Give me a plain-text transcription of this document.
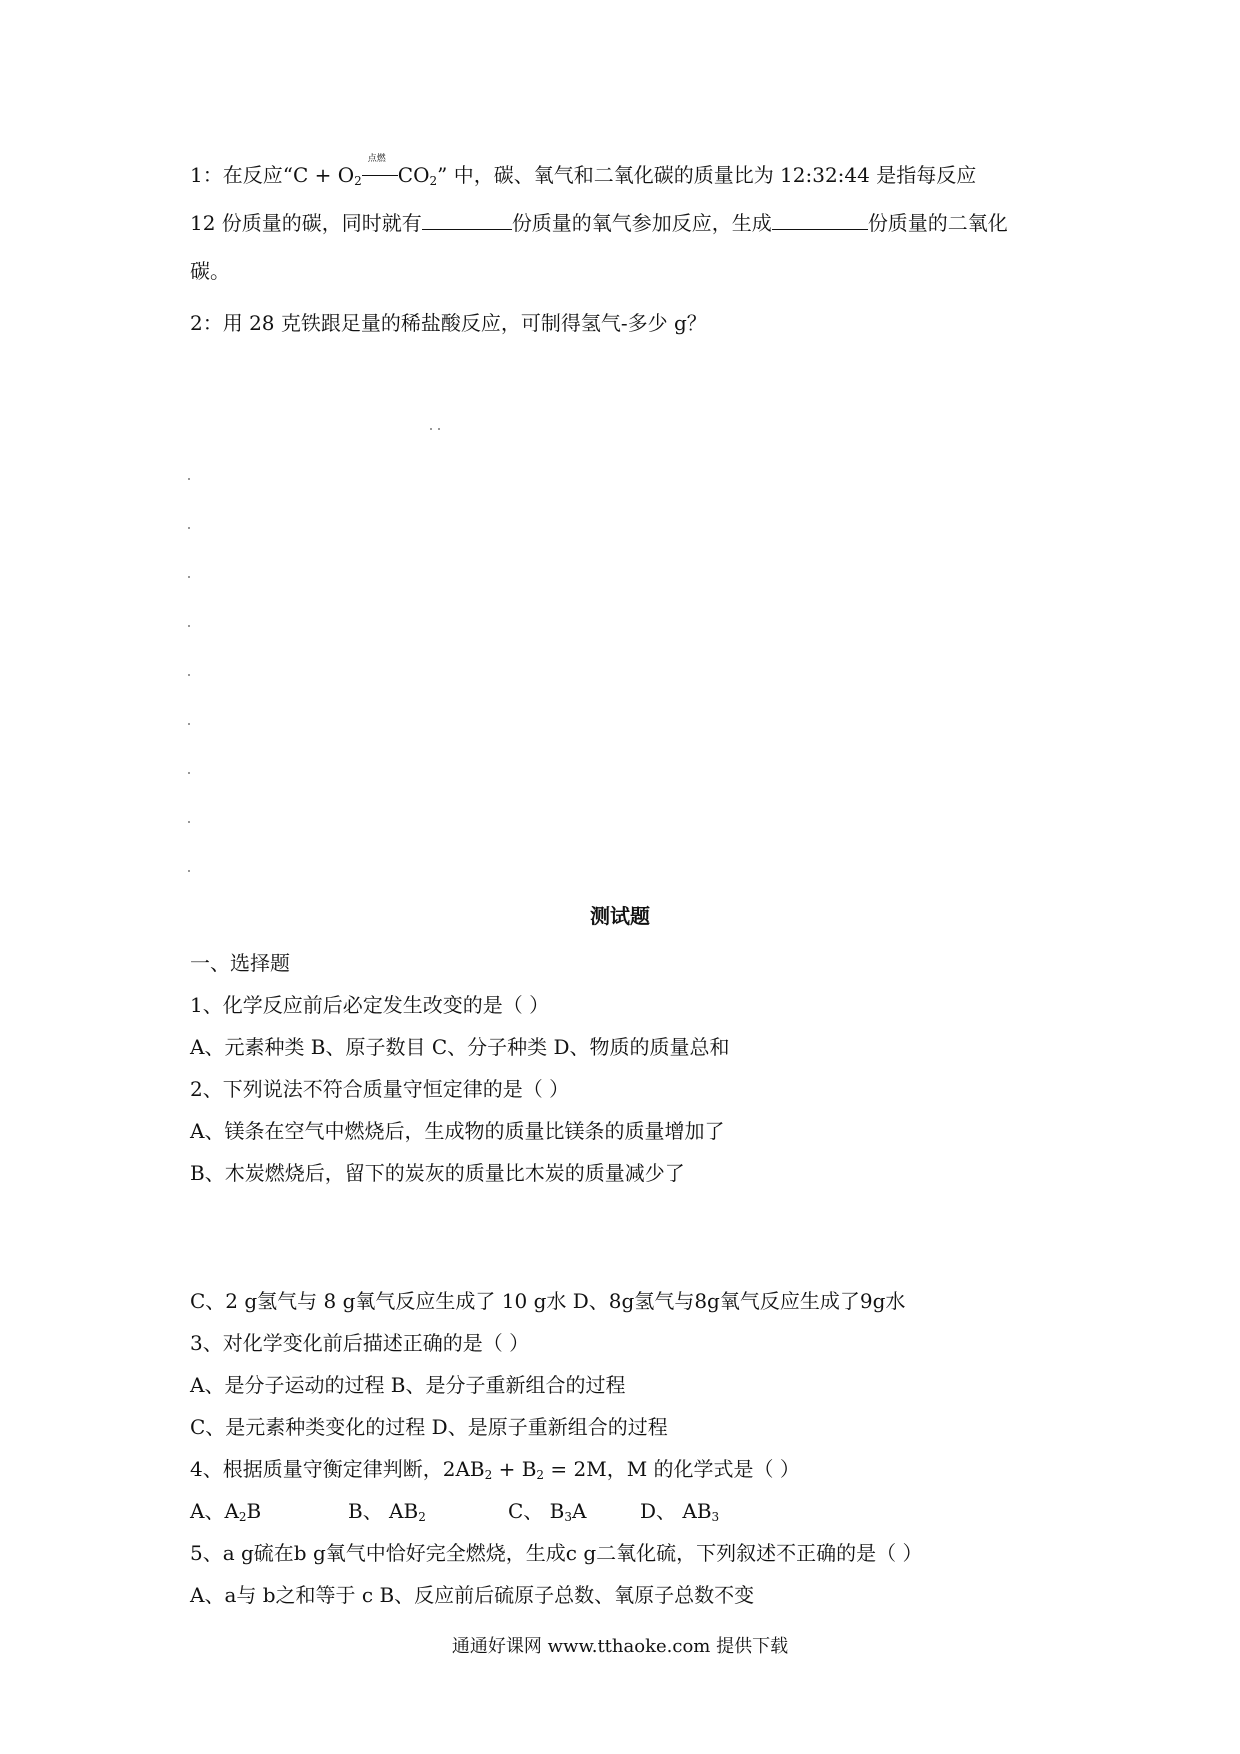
1：在反应“$C + O_2$
点燃
$CO_2$” 中，碳、氧气和二氧化碳的质量比为 12:32:44 是指每反应
12 份质量的碳，同时就有	份质量的氧气参加反应，生成	份质量的二氧化
碳。
2：用 28 克铁跟足量的稀盐酸反应，可制得氢气-多少 g？
测试题
一、选择题
1、化学反应前后必定发生改变的是（ ）
A、元素种类 B、原子数目 C、分子种类 D、物质的质量总和
2、下列说法不符合质量守恒定律的是（ ）
A、镁条在空气中燃烧后，生成物的质量比镁条的质量增加了
B、木炭燃烧后，留下的炭灰的质量比木炭的质量减少了
C、2 g氢气与 8 g氧气反应生成了 10 g水 D、8g氢气与8g氧气反应生成了9g水
3、对化学变化前后描述正确的是（ ）
A、是分子运动的过程 B、是分子重新组合的过程
C、是元素种类变化的过程 D、是原子重新组合的过程
4、根据质量守衡定律判断，$2AB_2 + B_2 = 2M$，M 的化学式是（ ）
A、$A_2B$	B、 $AB_2$	C、 $B_3A$	D、 $AB_3$
5、a g硫在b g氧气中恰好完全燃烧，生成c g二氧化硫，下列叙述不正确的是（ ）
A、a与 b之和等于 c B、反应前后硫原子总数、氧原子总数不变
通通好课网 www.tthaoke.com 提供下载
